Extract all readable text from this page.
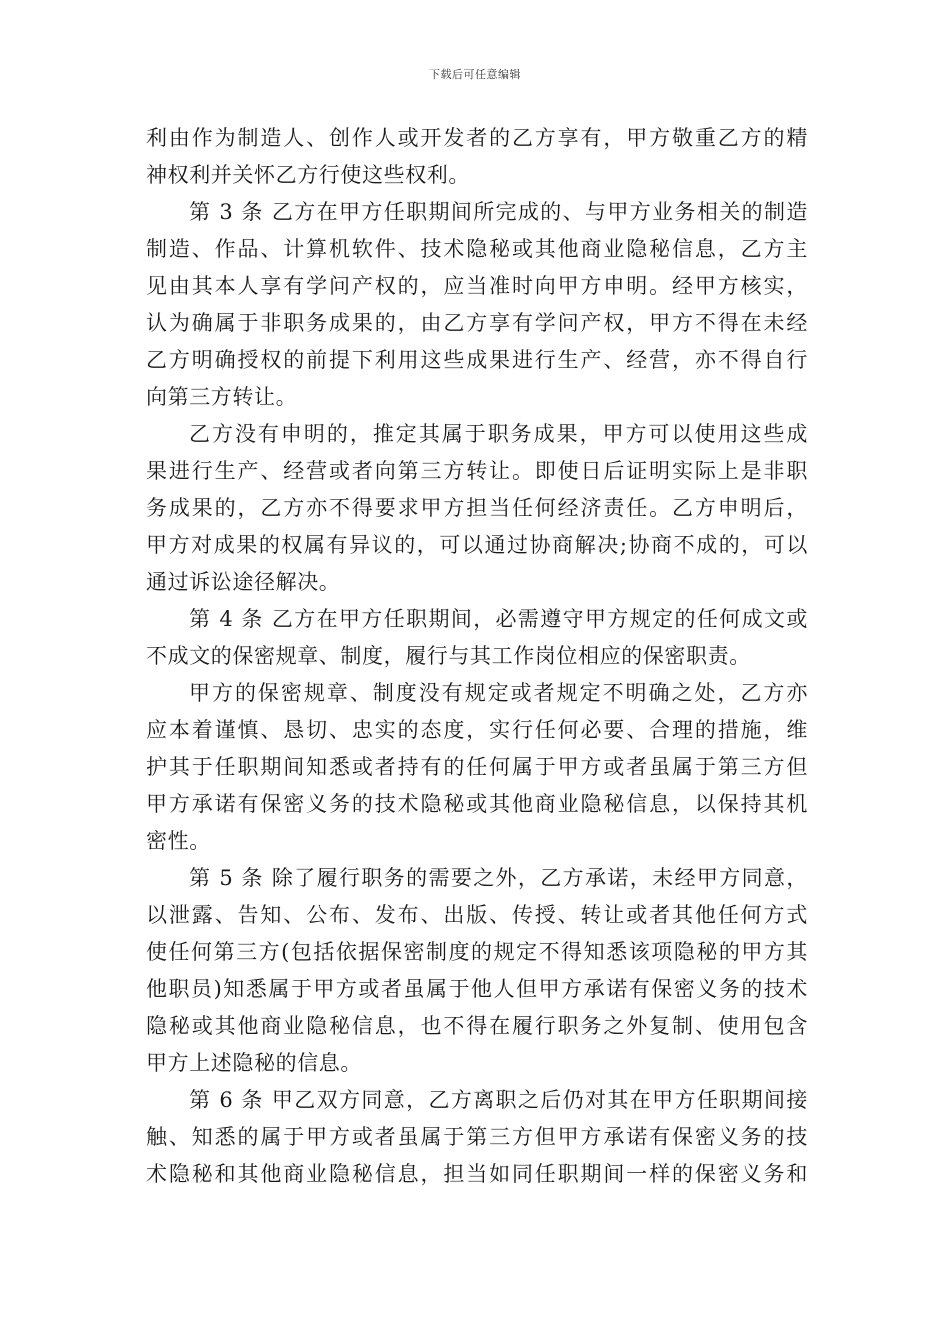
下载后可任意编辑
利由作为制造人、创作人或开发者的乙方享有，甲方敬重乙方的精
神权利并关怀乙方行使这些权利。
第 3 条 乙方在甲方任职期间所完成的、与甲方业务相关的制造
制造、作品、计算机软件、技术隐秘或其他商业隐秘信息，乙方主
见由其本人享有学问产权的，应当准时向甲方申明。经甲方核实，
认为确属于非职务成果的，由乙方享有学问产权，甲方不得在未经
乙方明确授权的前提下利用这些成果进行生产、经营，亦不得自行
向第三方转让。
乙方没有申明的，推定其属于职务成果，甲方可以使用这些成
果进行生产、经营或者向第三方转让。即使日后证明实际上是非职
务成果的，乙方亦不得要求甲方担当任何经济责任。乙方申明后，
甲方对成果的权属有异议的，可以通过协商解决;协商不成的，可以
通过诉讼途径解决。
第 4 条 乙方在甲方任职期间，必需遵守甲方规定的任何成文或
不成文的保密规章、制度，履行与其工作岗位相应的保密职责。
甲方的保密规章、制度没有规定或者规定不明确之处，乙方亦
应本着谨慎、恳切、忠实的态度，实行任何必要、合理的措施，维
护其于任职期间知悉或者持有的任何属于甲方或者虽属于第三方但
甲方承诺有保密义务的技术隐秘或其他商业隐秘信息，以保持其机
密性。
第 5 条 除了履行职务的需要之外，乙方承诺，未经甲方同意，
以泄露、告知、公布、发布、出版、传授、转让或者其他任何方式
使任何第三方(包括依据保密制度的规定不得知悉该项隐秘的甲方其
他职员)知悉属于甲方或者虽属于他人但甲方承诺有保密义务的技术
隐秘或其他商业隐秘信息，也不得在履行职务之外复制、使用包含
甲方上述隐秘的信息。
第 6 条 甲乙双方同意，乙方离职之后仍对其在甲方任职期间接
触、知悉的属于甲方或者虽属于第三方但甲方承诺有保密义务的技
术隐秘和其他商业隐秘信息，担当如同任职期间一样的保密义务和
